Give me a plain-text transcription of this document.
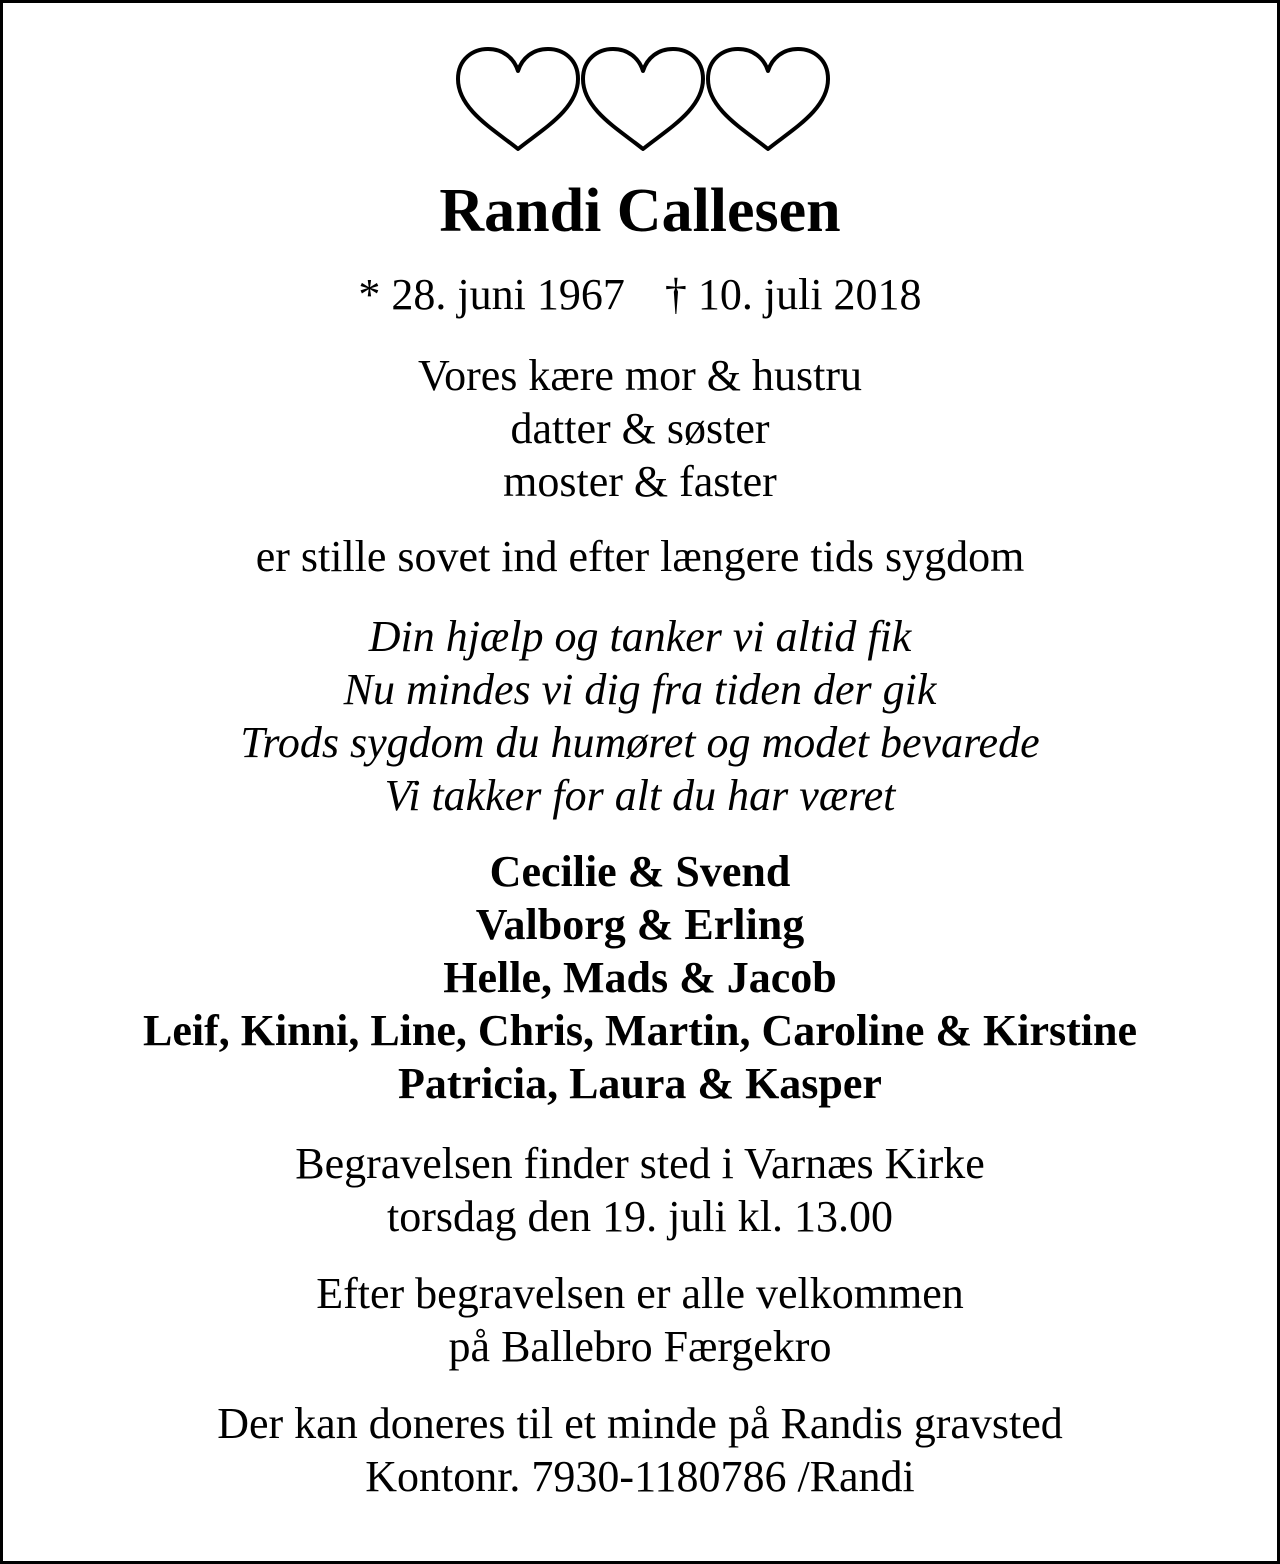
Randi Callesen
* 28. juni 1967 † 10. juli 2018
Vores kære mor & hustru
datter & søster
moster & faster
er stille sovet ind efter længere tids sygdom
Din hjælp og tanker vi altid fik
Nu mindes vi dig fra tiden der gik
Trods sygdom du humøret og modet bevarede
Vi takker for alt du har været
Cecilie & Svend
Valborg & Erling
Helle, Mads & Jacob
Leif, Kinni, Line, Chris, Martin, Caroline & Kirstine
Patricia, Laura & Kasper
Begravelsen finder sted i Varnæs Kirke
torsdag den 19. juli kl. 13.00
Efter begravelsen er alle velkommen
på Ballebro Færgekro
Der kan doneres til et minde på Randis gravsted
Kontonr. 7930-1180786 /Randi
